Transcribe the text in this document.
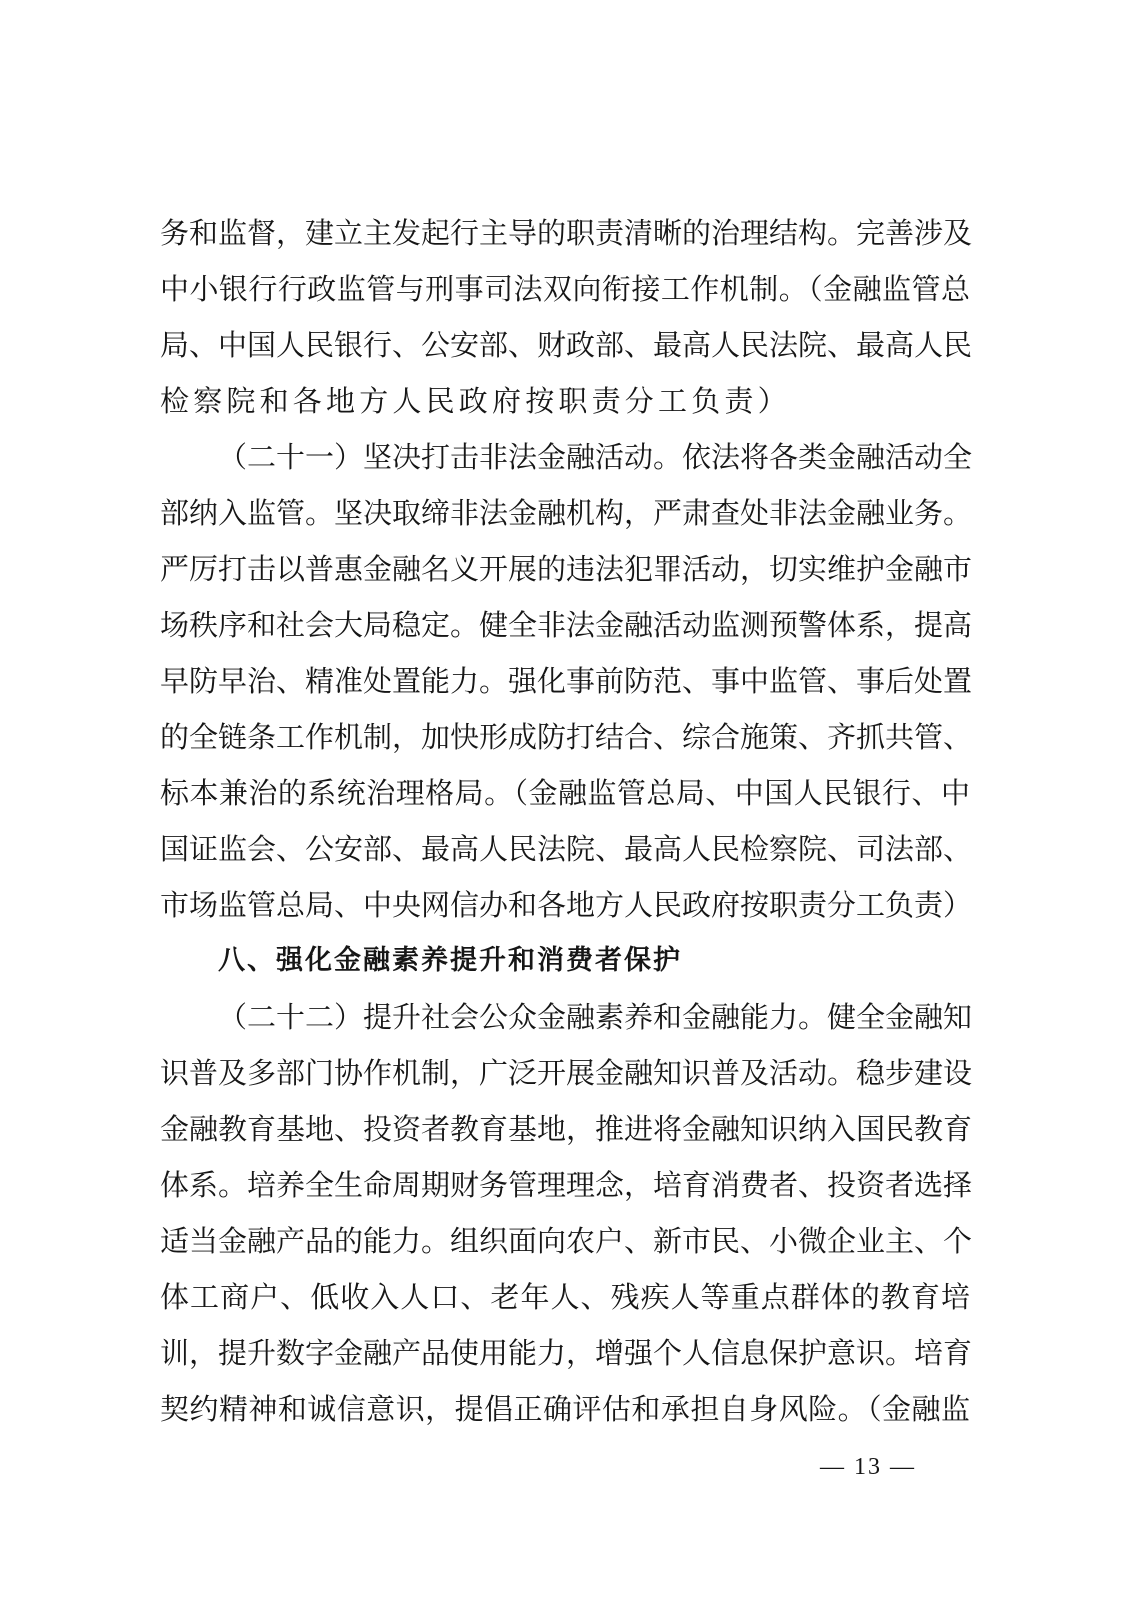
务和监督，建立主发起行主导的职责清晰的治理结构。完善涉及
中小银行行政监管与刑事司法双向衔接工作机制。（金融监管总
局、中国人民银行、公安部、财政部、最高人民法院、最高人民
检察院和各地方人民政府按职责分工负责）
（二十一）坚决打击非法金融活动。依法将各类金融活动全
部纳入监管。坚决取缔非法金融机构，严肃查处非法金融业务。
严厉打击以普惠金融名义开展的违法犯罪活动，切实维护金融市
场秩序和社会大局稳定。健全非法金融活动监测预警体系，提高
早防早治、精准处置能力。强化事前防范、事中监管、事后处置
的全链条工作机制，加快形成防打结合、综合施策、齐抓共管、
标本兼治的系统治理格局。（金融监管总局、中国人民银行、中
国证监会、公安部、最高人民法院、最高人民检察院、司法部、
市场监管总局、中央网信办和各地方人民政府按职责分工负责）
八、强化金融素养提升和消费者保护
（二十二）提升社会公众金融素养和金融能力。健全金融知
识普及多部门协作机制，广泛开展金融知识普及活动。稳步建设
金融教育基地、投资者教育基地，推进将金融知识纳入国民教育
体系。培养全生命周期财务管理理念，培育消费者、投资者选择
适当金融产品的能力。组织面向农户、新市民、小微企业主、个
体工商户、低收入人口、老年人、残疾人等重点群体的教育培
训，提升数字金融产品使用能力，增强个人信息保护意识。培育
契约精神和诚信意识，提倡正确评估和承担自身风险。（金融监
— 13 —
